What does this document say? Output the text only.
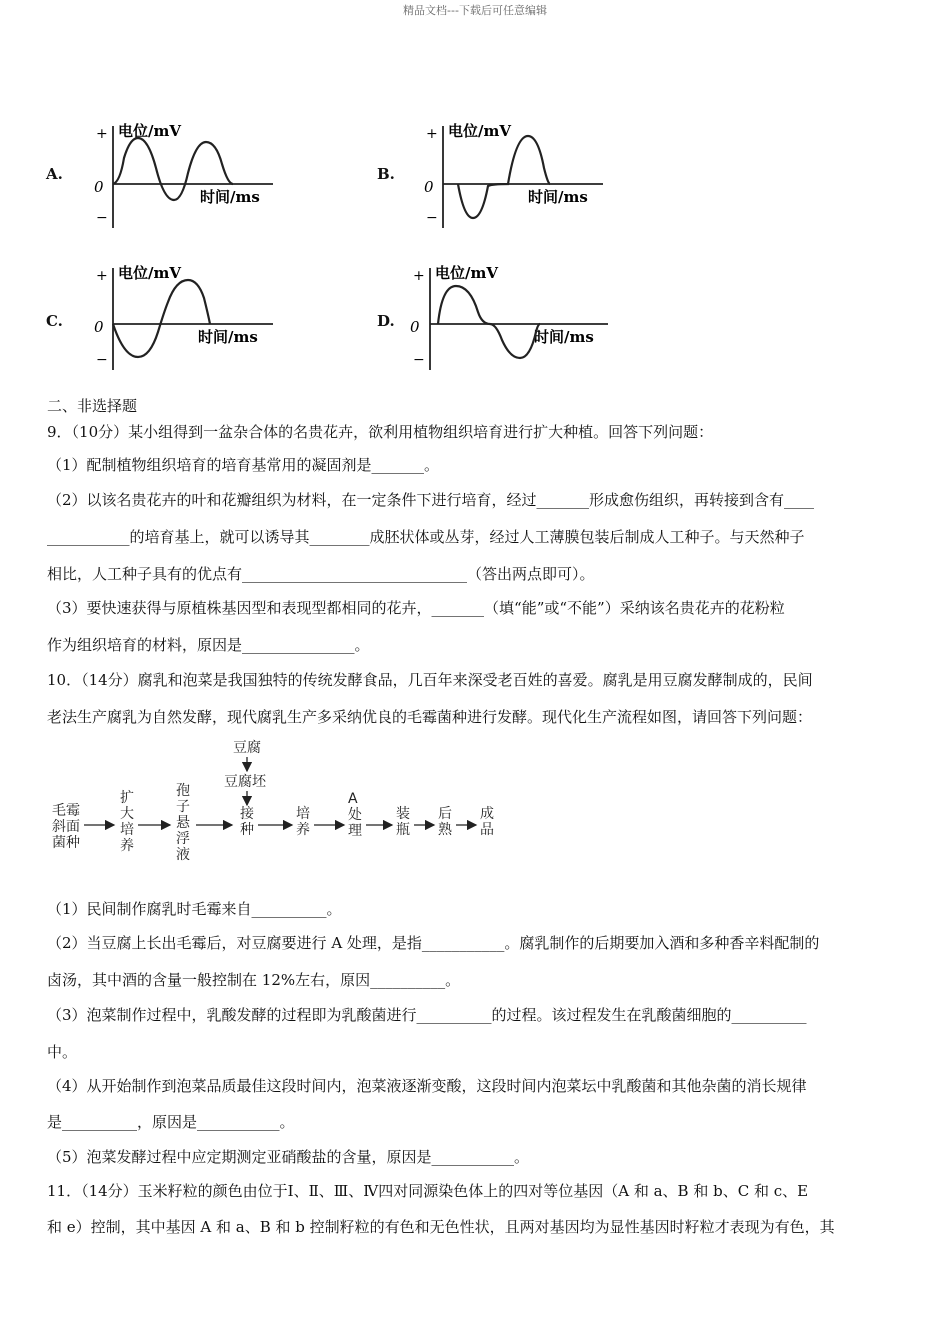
精品文档---下载后可任意编辑
A.	B.
C.	D.
+ 电位/mV
0
−
时间/ms
+ 电位/mV
0
−
时间/ms
+ 电位/mV
0
−
时间/ms
+ 电位/mV
0
−
时间/ms
二、非选择题
9．（10分）某小组得到一盆杂合体的名贵花卉，欲利用植物组织培育进行扩大种植。回答下列问题：
（1）配制植物组织培育的培育基常用的凝固剂是_______。
（2）以该名贵花卉的叶和花瓣组织为材料，在一定条件下进行培育，经过_______形成愈伤组织，再转接到含有____
___________的培育基上，就可以诱导其________成胚状体或丛芽，经过人工薄膜包装后制成人工种子。与天然种子
相比，人工种子具有的优点有______________________________（答出两点即可）。
（3）要快速获得与原植株基因型和表现型都相同的花卉，_______（填“能”或“不能”）采纳该名贵花卉的花粉粒
作为组织培育的材料，原因是_______________。
10．（14分）腐乳和泡菜是我国独特的传统发酵食品，几百年来深受老百姓的喜爱。腐乳是用豆腐发酵制成的，民间
老法生产腐乳为自然发酵，现代腐乳生产多采纳优良的毛霉菌种进行发酵。现代化生产流程如图，请回答下列问题：
豆腐
豆腐坯
毛霉
斜面
菌种
扩
大
培
养
孢
子
悬
浮
液
接
种
培
养
A
处
理
装
瓶
后
熟
成
品
（1）民间制作腐乳时毛霉来自__________。
（2）当豆腐上长出毛霉后，对豆腐要进行 A 处理，是指___________。腐乳制作的后期要加入酒和多种香辛料配制的
卤汤，其中酒的含量一般控制在 12%左右，原因__________。
（3）泡菜制作过程中，乳酸发酵的过程即为乳酸菌进行__________的过程。该过程发生在乳酸菌细胞的__________
中。
（4）从开始制作到泡菜品质最佳这段时间内，泡菜液逐渐变酸，这段时间内泡菜坛中乳酸菌和其他杂菌的消长规律
是__________，原因是___________。
（5）泡菜发酵过程中应定期测定亚硝酸盐的含量，原因是___________。
11．（14分）玉米籽粒的颜色由位于Ⅰ、Ⅱ、Ⅲ、Ⅳ四对同源染色体上的四对等位基因（A 和 a、B 和 b、C 和 c、E
和 e）控制，其中基因 A 和 a、B 和 b 控制籽粒的有色和无色性状，且两对基因均为显性基因时籽粒才表现为有色，其
